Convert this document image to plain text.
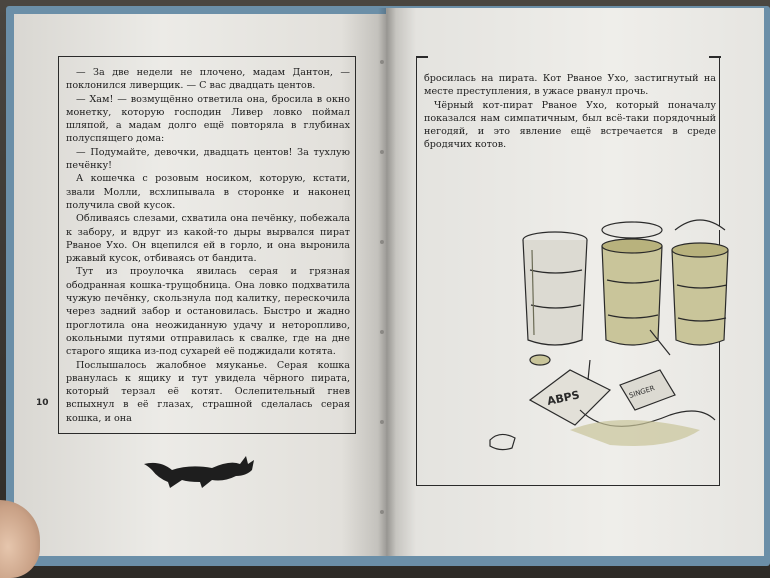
— За две недели не плочено, мадам Дантон, — поклонился ливерщик. — С вас двадцать центов.

— Хам! — возмущённо ответила она, бросила в окно монетку, которую господин Ливер ловко поймал шляпой, а мадам долго ещё повторяла в глубинах полуспящего дома:

— Подумайте, девочки, двадцать центов! За тухлую печёнку!

А кошечка с розовым носиком, которую, кстати, звали Молли, всхлипывала в сторонке и наконец получила свой кусок.

Обливаясь слезами, схватила она печёнку, побежала к забору, и вдруг из какой-то дыры вырвался пират Рваное Ухо. Он вцепился ей в горло, и она выронила ржавый кусок, отбиваясь от бандита.

Тут из проулочка явилась серая и грязная ободранная кошка-трущобница. Она ловко подхватила чужую печёнку, скользнула под калитку, перескочила через задний забор и остановилась. Быстро и жадно проглотила она неожиданную удачу и неторопливо, окольными путями отправилась к свалке, где на дне старого ящика из-под сухарей её поджидали котята.

Послышалось жалобное мяуканье. Серая кошка рванулась к ящику и тут увидела чёрного пирата, который терзал её котят. Ослепительный гнев вспыхнул в её глазах, страшной сделалась серая кошка, и она

10

бросилась на пирата. Кот Рваное Ухо, застигнутый на месте преступления, в ужасе рванул прочь.

Чёрный кот-пират Рваное Ухо, который поначалу показался нам симпатичным, был всё-таки порядочный негодяй, и это явление ещё встречается в среде бродячих котов.

ABPS	SINGER
